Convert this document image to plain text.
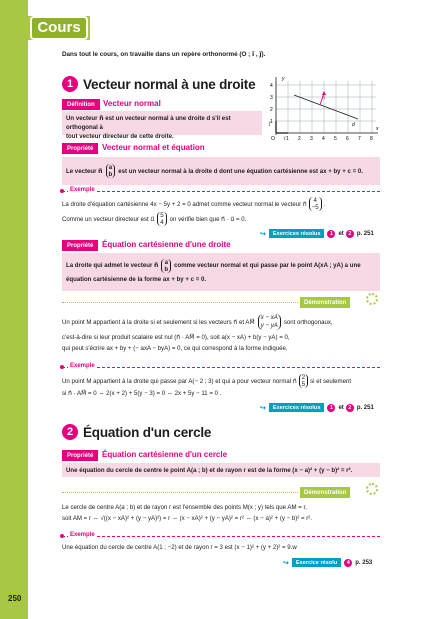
250
Cours
Dans tout le cours, on travaille dans un repère orthonormé (O ; i⃗ , j⃗).
1 Vecteur normal à une droite
d
n⃗
y
x
j⃗
i⃗
O 1 2 3 4 5 6 7 8
1
2
3
4
Définition	Vecteur normal
Un vecteur n⃗ est un vecteur normal à une droite d s'il est orthogonal à
tout vecteur directeur de cette droite.
Propriété	Vecteur normal et équation
Le vecteur n⃗ a
b est un vecteur normal à la droite d dont une équation cartésienne est ax + by + c = 0.
Exemple
La droite d'équation cartésienne 4x − 5y + 2 = 0 admet comme vecteur normal le vecteur n⃗ 4
−5 .
Comme un vecteur directeur est u⃗ 5
4 on vérifie bien que n⃗ · u⃗ = 0.
↪	Exercices résolus	1 et 2 p. 251
Propriété	Équation cartésienne d'une droite
La droite qui admet le vecteur n⃗ a
b comme vecteur normal et qui passe par le point A(xA ; yA) a une
équation cartésienne de la forme ax + by + c = 0.
Démonstration
Un point M appartient à la droite si et seulement si les vecteurs n⃗ et AM⃗
x − xA
y − yA sont orthogonaux,
c'est-à-dire si leur produit scalaire est nul (n⃗ · AM⃗ = 0), soit a(x − xA) + b(y − yA) = 0,
qui peut s'écrire ax + by + (− axA − byA) = 0, ce qui correspond à la forme indiquée.
Exemple
Un point M appartient à la droite qui passe par A(− 2 ; 3) et qui a pour vecteur normal n⃗ 2
5 si et seulement
si n⃗ · AM⃗ = 0 ⇔ 2(x + 2) + 5(y − 3) = 0 ⇔ 2x + 5y − 11 = 0 .
↪	Exercices résolus	1 et 2 p. 251
2 Équation d'un cercle
Propriété	Équation cartésienne d'un cercle
Une équation du cercle de centre le point A(a ; b) et de rayon r est de la forme (x − a)² + (y − b)² = r².
Démonstration
Le cercle de centre A(a ; b) et de rayon r est l'ensemble des points M(x ; y) tels que AM = r,
soit AM = r ⇔ √((x − xA)² + (y − yA)²) = r ⇔ (x − xA)² + (y − yA)² = r² ⇔ (x − a)² + (y − b)² = r².
Exemple
Une équation du cercle de centre A(1 ; −2) et de rayon r = 3 est (x − 1)² + (y + 2)² = 9.w
↪	Exercice résolu	4 p. 253
